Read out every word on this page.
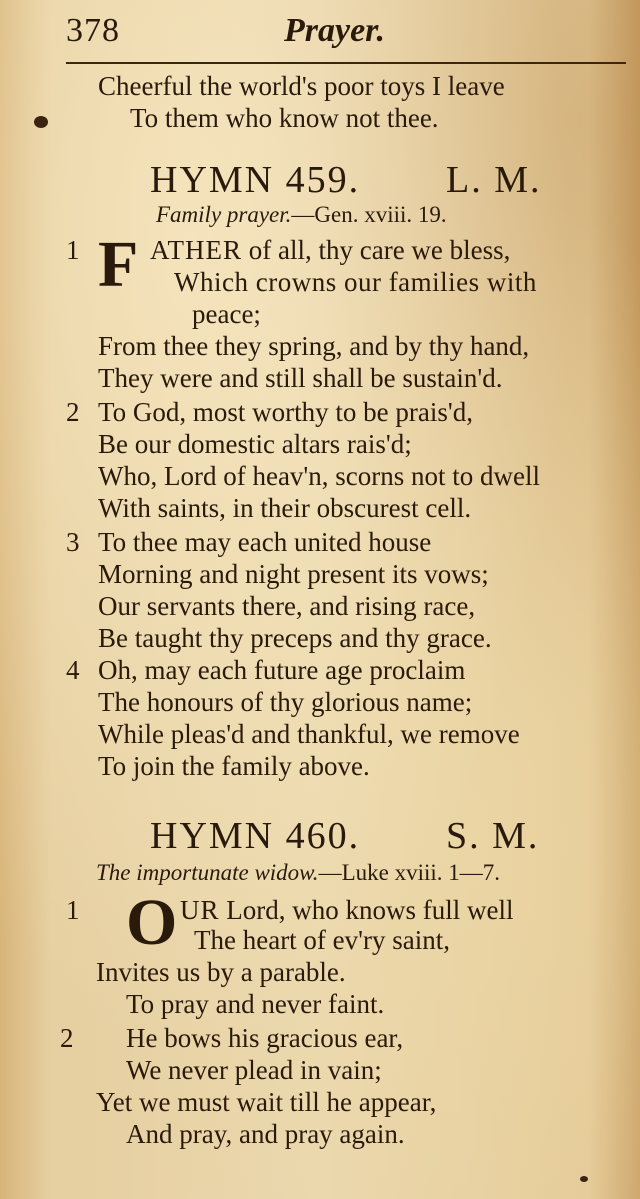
378	Prayer.
Cheerful the world's poor toys I leave
To them who know not thee.
HYMN 459. L. M.
Family prayer.—Gen. xviii. 19.
1 F ATHER of all, thy care we bless,
Which crowns our families with
peace;
From thee they spring, and by thy hand,
They were and still shall be sustain'd.
2 To God, most worthy to be prais'd,
Be our domestic altars rais'd;
Who, Lord of heav'n, scorns not to dwell
With saints, in their obscurest cell.
3 To thee may each united house
Morning and night present its vows;
Our servants there, and rising race,
Be taught thy preceps and thy grace.
4 Oh, may each future age proclaim
The honours of thy glorious name;
While pleas'd and thankful, we remove
To join the family above.
HYMN 460. S. M.
The importunate widow.—Luke xviii. 1—7.
1 O UR Lord, who knows full well
The heart of ev'ry saint,
Invites us by a parable.
To pray and never faint.
2 He bows his gracious ear,
We never plead in vain;
Yet we must wait till he appear,
And pray, and pray again.
